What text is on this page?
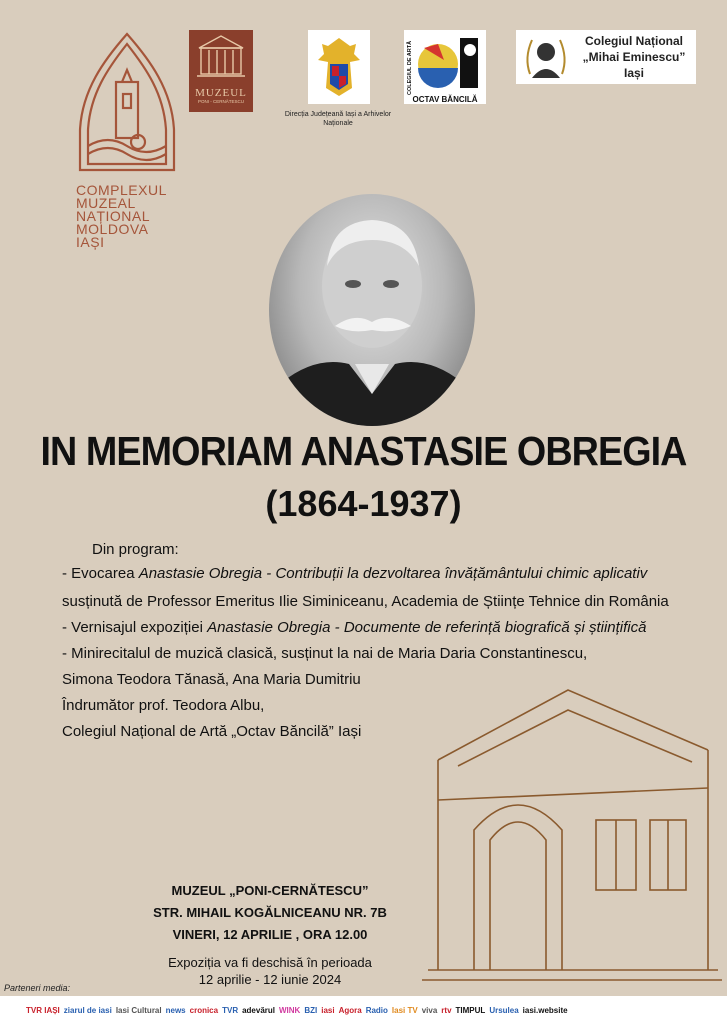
COMPLEXUL
MUZEAL
NAȚIONAL
MOLDOVA
IAȘI
MUZEUL
PONI - CERNĂTESCU
Direcția Județeană Iași a Arhivelor Naționale
OCTAV BĂNCILĂ
COLEGIUL DE ARTĂ	Colegiul Național
„Mihai Eminescu”
Iași
IN MEMORIAM ANASTASIE OBREGIA
(1864-1937)
Din program:
- Evocarea Anastasie Obregia - Contribuții la dezvoltarea învățământului chimic aplicativ
susținută de Professor Emeritus Ilie Siminiceanu, Academia de Științe Tehnice din România
- Vernisajul expoziției Anastasie Obregia - Documente de referință biografică și științifică
- Minirecitalul de muzică clasică, susținut la nai de Maria Daria Constantinescu,
Simona Teodora Tănasă, Ana Maria Dumitriu
Îndrumător prof. Teodora Albu,
Colegiul Național de Artă „Octav Băncilă” Iași
MUZEUL „PONI-CERNĂTESCU”
STR. MIHAIL KOGĂLNICEANU NR. 7B
VINERI, 12 APRILIE , ORA 12.00
Expoziția va fi deschisă în perioada
12 aprilie - 12 iunie 2024
Parteneri media:
TVR IAȘI ziarul de iasi Iasi Cultural news cronica TVR adevărul WINK BZI iasi Agora Radio Iasi TV viva rtv TIMPUL Ursulea iasi.website
